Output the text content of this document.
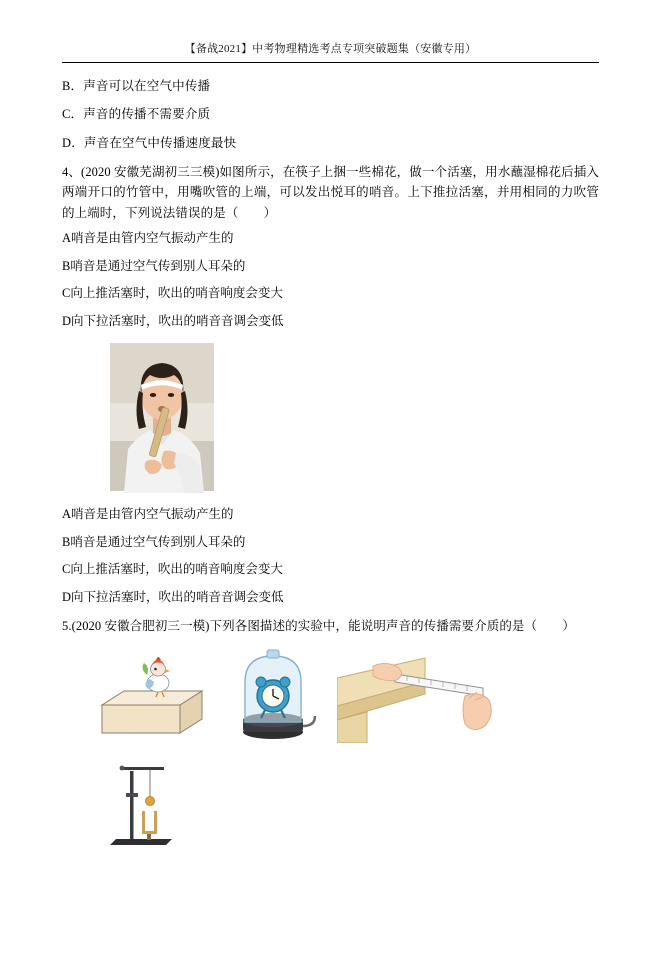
【备战2021】中考物理精选考点专项突破题集（安徽专用）

B．声音可以在空气中传播

C．声音的传播不需要介质

D．声音在空气中传播速度最快

4、(2020 安徽芜湖初三三模)如图所示，在筷子上捆一些棉花，做一个活塞，用水蘸湿棉花后插入两端开口的竹管中，用嘴吹管的上端，可以发出悦耳的哨音。上下推拉活塞，并用相同的力吹管的上端时，下列说法错误的是（　　）

A哨音是由管内空气振动产生的

B哨音是通过空气传到别人耳朵的

C向上推活塞时，吹出的哨音响度会变大

D向下拉活塞时，吹出的哨音音调会变低

A哨音是由管内空气振动产生的

B哨音是通过空气传到别人耳朵的

C向上推活塞时，吹出的哨音响度会变大

D向下拉活塞时，吹出的哨音音调会变低

5.(2020 安徽合肥初三一模)下列各图描述的实验中，能说明声音的传播需要介质的是（　　）
